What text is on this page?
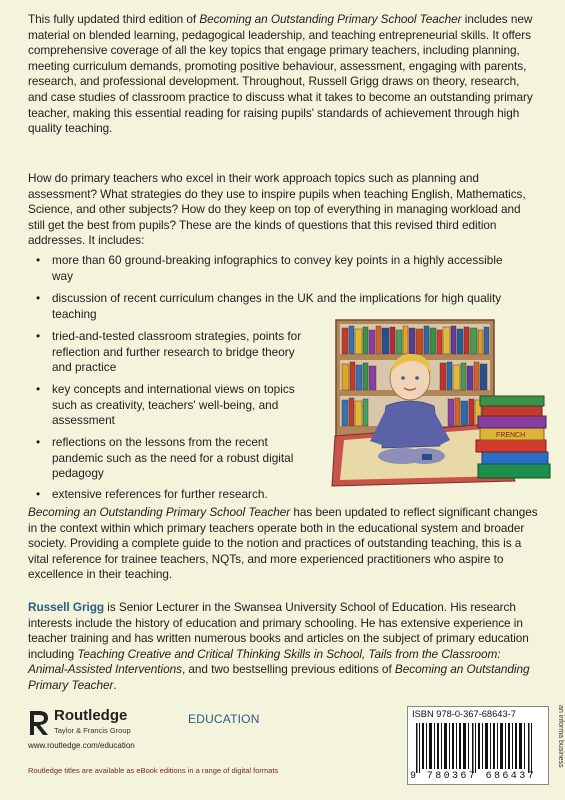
This fully updated third edition of Becoming an Outstanding Primary School Teacher includes new material on blended learning, pedagogical leadership, and teaching entrepreneurial skills. It offers comprehensive coverage of all the key topics that engage primary teachers, including planning, meeting curriculum demands, promoting positive behaviour, assessment, engaging with parents, research, and professional development. Throughout, Russell Grigg draws on theory, research, and case studies of classroom practice to discuss what it takes to become an outstanding primary teacher, making this essential reading for raising pupils' standards of achievement through high quality teaching.

How do primary teachers who excel in their work approach topics such as planning and assessment? What strategies do they use to inspire pupils when teaching English, Mathematics, Science, and other subjects? How do they keep on top of everything in managing workload and still get the best from pupils? These are the kinds of questions that this revised third edition addresses. It includes:

•	more than 60 ground-breaking infographics to convey key points in a highly accessible way
•	discussion of recent curriculum changes in the UK and the implications for high quality teaching
•	tried-and-tested classroom strategies, points for reflection and further research to bridge theory and practice
•	key concepts and international views on topics such as creativity, teachers' well-being, and assessment
•	reflections on the lessons from the recent pandemic such as the need for a robust digital pedagogy
•	extensive references for further research.
FRENCH

Becoming an Outstanding Primary School Teacher has been updated to reflect significant changes in the context within which primary teachers operate both in the educational system and broader society. Providing a complete guide to the notion and practices of outstanding teaching, this is a vital reference for trainee teachers, NQTs, and more experienced practitioners who aspire to excellence in their teaching.

Russell Grigg is Senior Lecturer in the Swansea University School of Education. His research interests include the history of education and primary schooling. He has extensive experience in teacher training and has written numerous books and articles on the subject of primary education including Teaching Creative and Critical Thinking Skills in School, Tails from the Classroom: Animal-Assisted Interventions, and two bestselling previous editions of Becoming an Outstanding Primary Teacher.

Routledge
Taylor & Francis Group
www.routledge.com/education
Routledge titles are available as eBook editions in a range of digital formats
EDUCATION	ISBN 978-0-367-68643-7
9 780367 686437
an informa business
